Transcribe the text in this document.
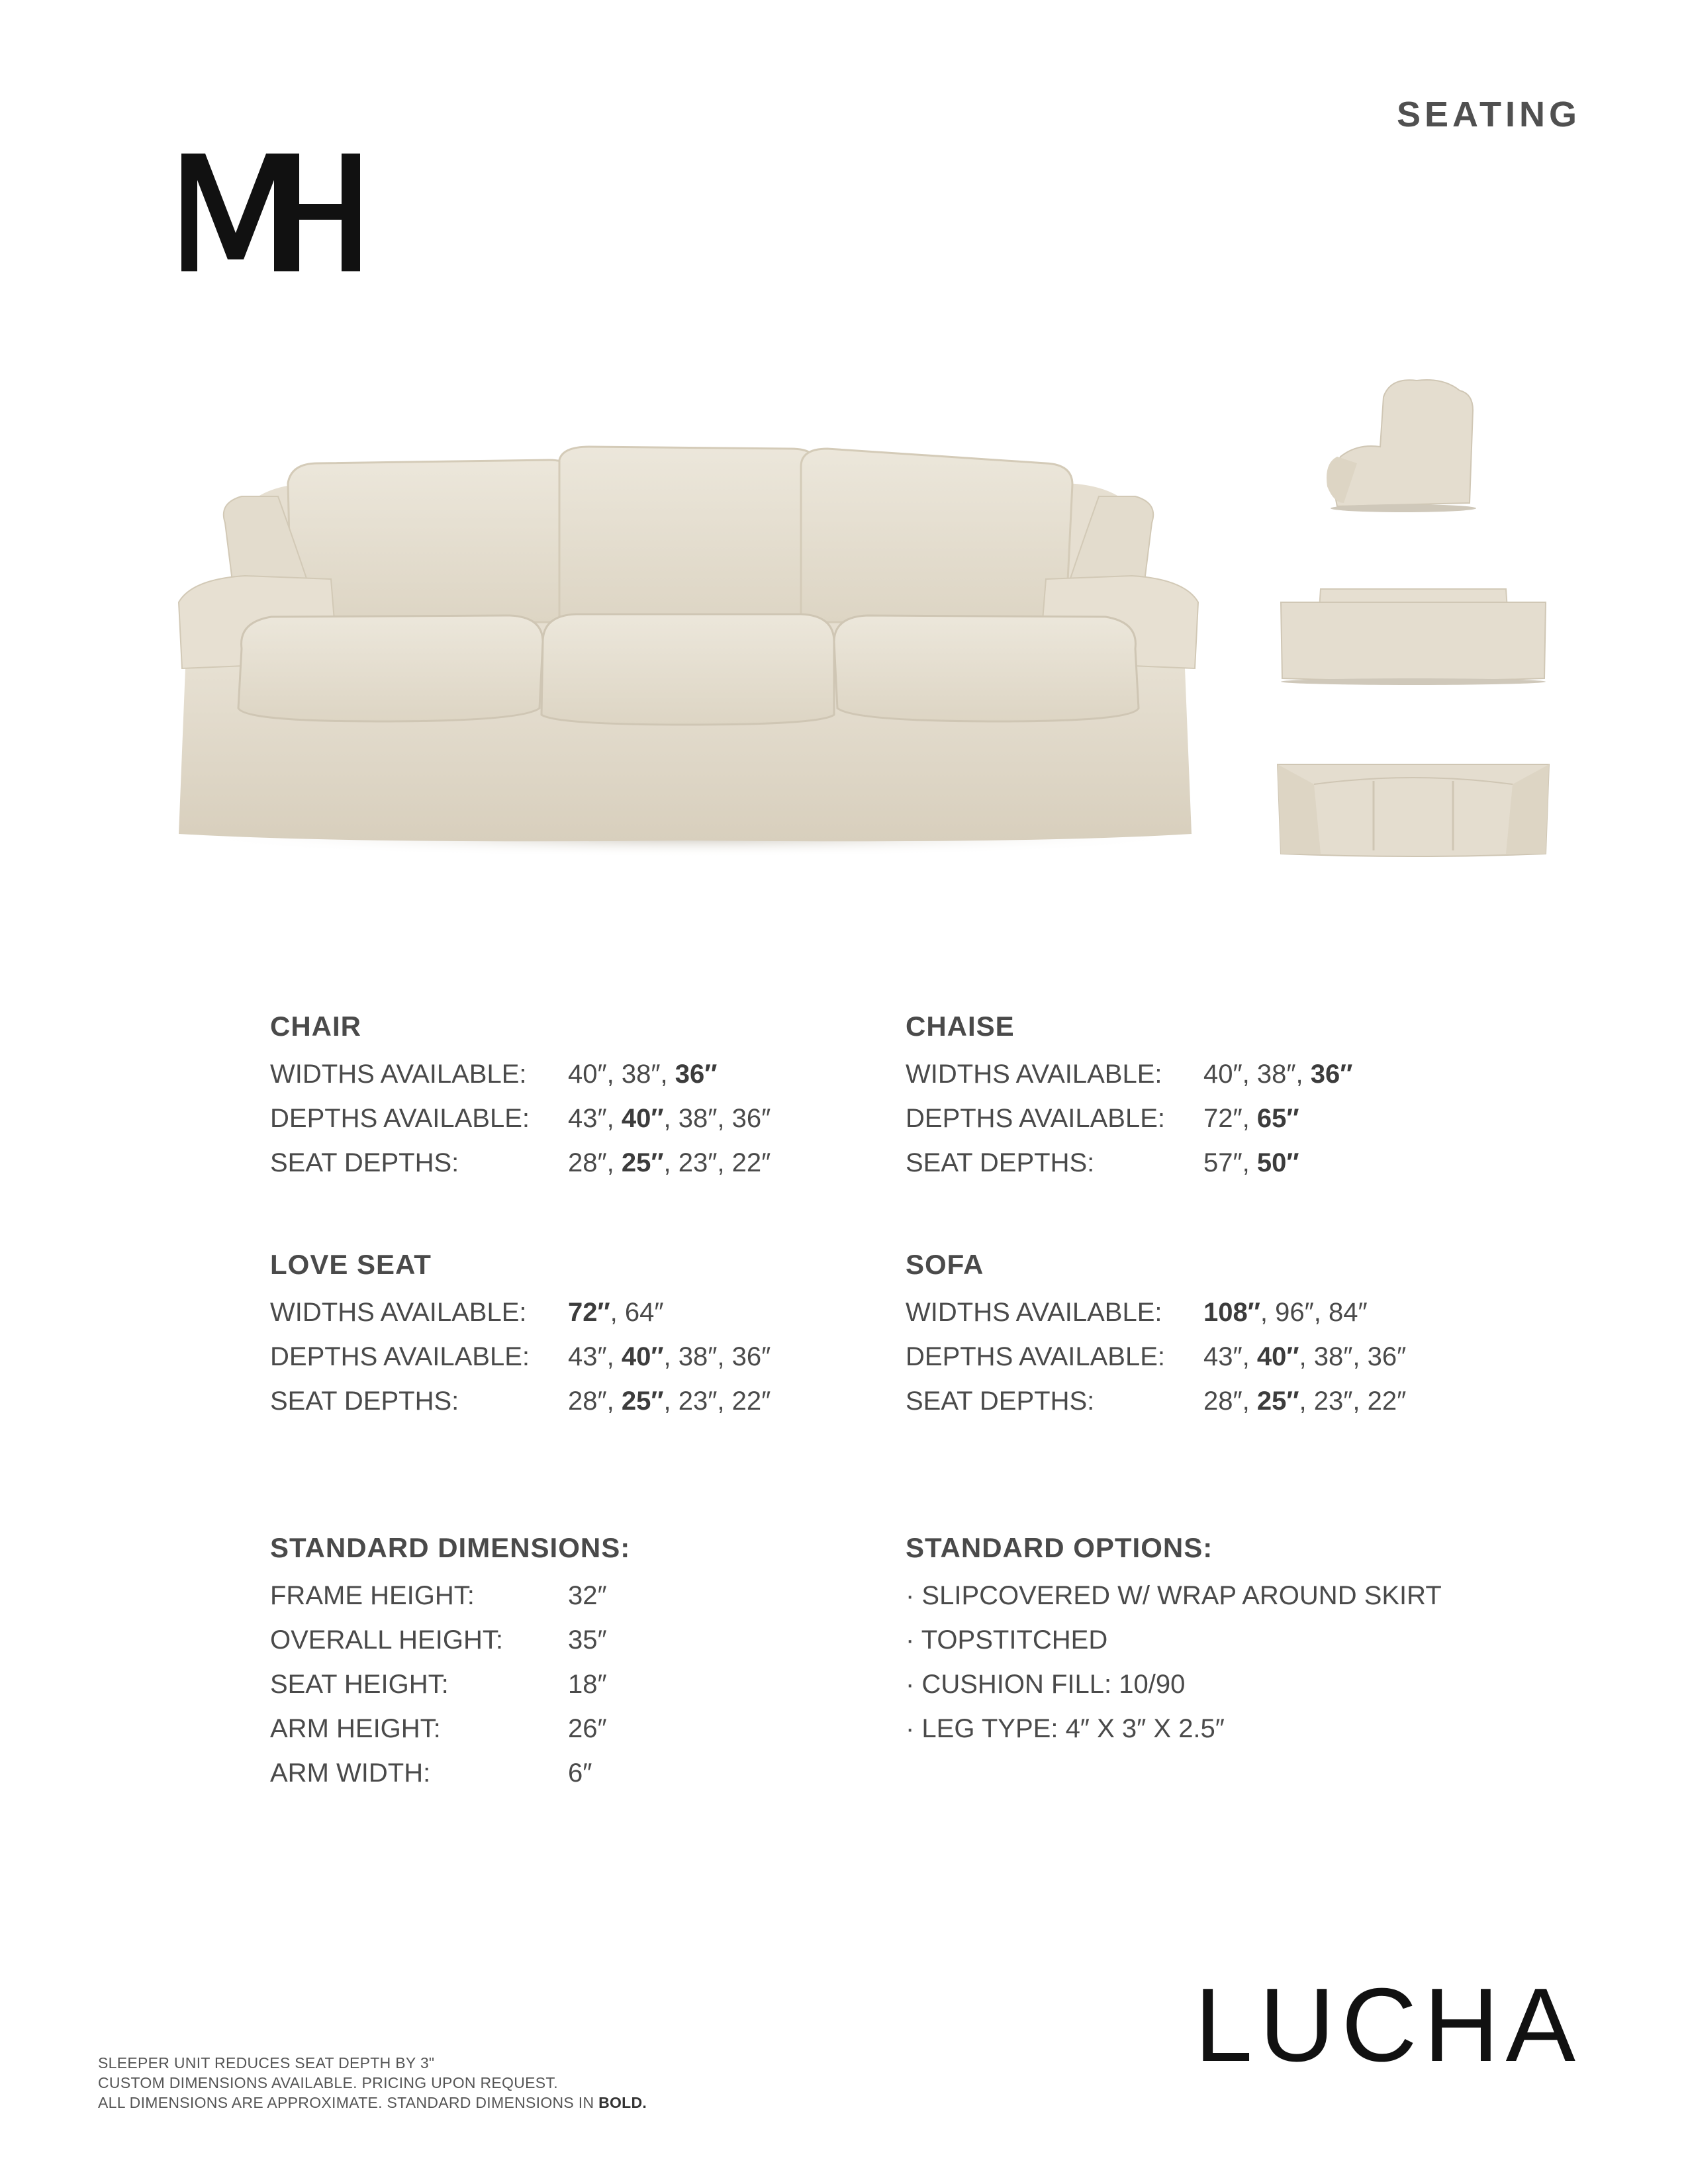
SEATING
CHAIR
WIDTHS AVAILABLE:	40″, 38″, 36″
DEPTHS AVAILABLE:	43″, 40″, 38″, 36″
SEAT DEPTHS:	28″, 25″, 23″, 22″
CHAISE
WIDTHS AVAILABLE:	40″, 38″, 36″
DEPTHS AVAILABLE:	72″, 65″
SEAT DEPTHS:	57″, 50″
LOVE SEAT
WIDTHS AVAILABLE:	72″, 64″
DEPTHS AVAILABLE:	43″, 40″, 38″, 36″
SEAT DEPTHS:	28″, 25″, 23″, 22″
SOFA
WIDTHS AVAILABLE:	108″, 96″, 84″
DEPTHS AVAILABLE:	43″, 40″, 38″, 36″
SEAT DEPTHS:	28″, 25″, 23″, 22″
STANDARD DIMENSIONS:
FRAME HEIGHT:	32″
OVERALL HEIGHT:	35″
SEAT HEIGHT:	18″
ARM HEIGHT:	26″
ARM WIDTH:	6″
STANDARD OPTIONS:
· SLIPCOVERED W/ WRAP AROUND SKIRT
· TOPSTITCHED
· CUSHION FILL: 10/90
· LEG TYPE: 4″ X 3″ X 2.5″
SLEEPER UNIT REDUCES SEAT DEPTH BY 3"
CUSTOM DIMENSIONS AVAILABLE. PRICING UPON REQUEST.
ALL DIMENSIONS ARE APPROXIMATE. STANDARD DIMENSIONS IN BOLD.
LUCHA
